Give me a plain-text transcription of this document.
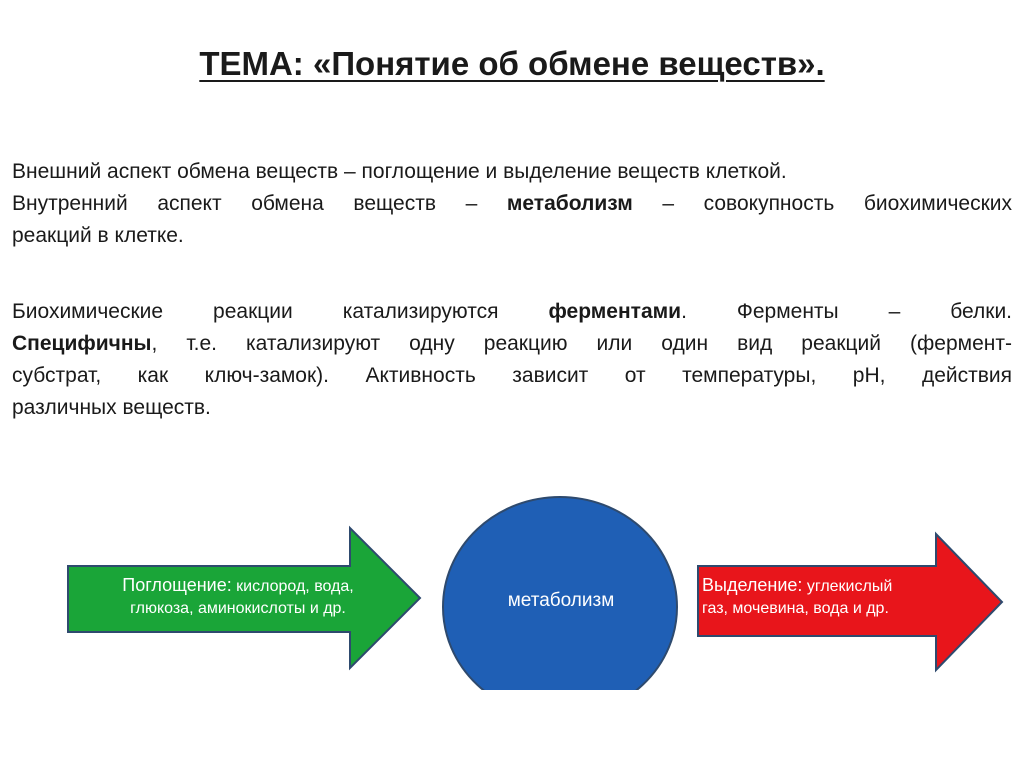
ТЕМА: «Понятие об обмене веществ».
Внешний аспект обмена веществ – поглощение и выделение веществ клеткой.
Внутренний аспект обмена веществ – метаболизм – совокупность биохимических
реакций в клетке.
Биохимические реакции катализируются ферментами. Ферменты – белки.
Специфичны, т.е. катализируют одну реакцию или один вид реакций (фермент-
субстрат, как ключ-замок). Активность зависит от температуры, pH, действия
различных веществ.
Поглощение: кислород, вода,
глюкоза, аминокислоты и др.	метаболизм
Выделение: углекислый
газ, мочевина, вода и др.
